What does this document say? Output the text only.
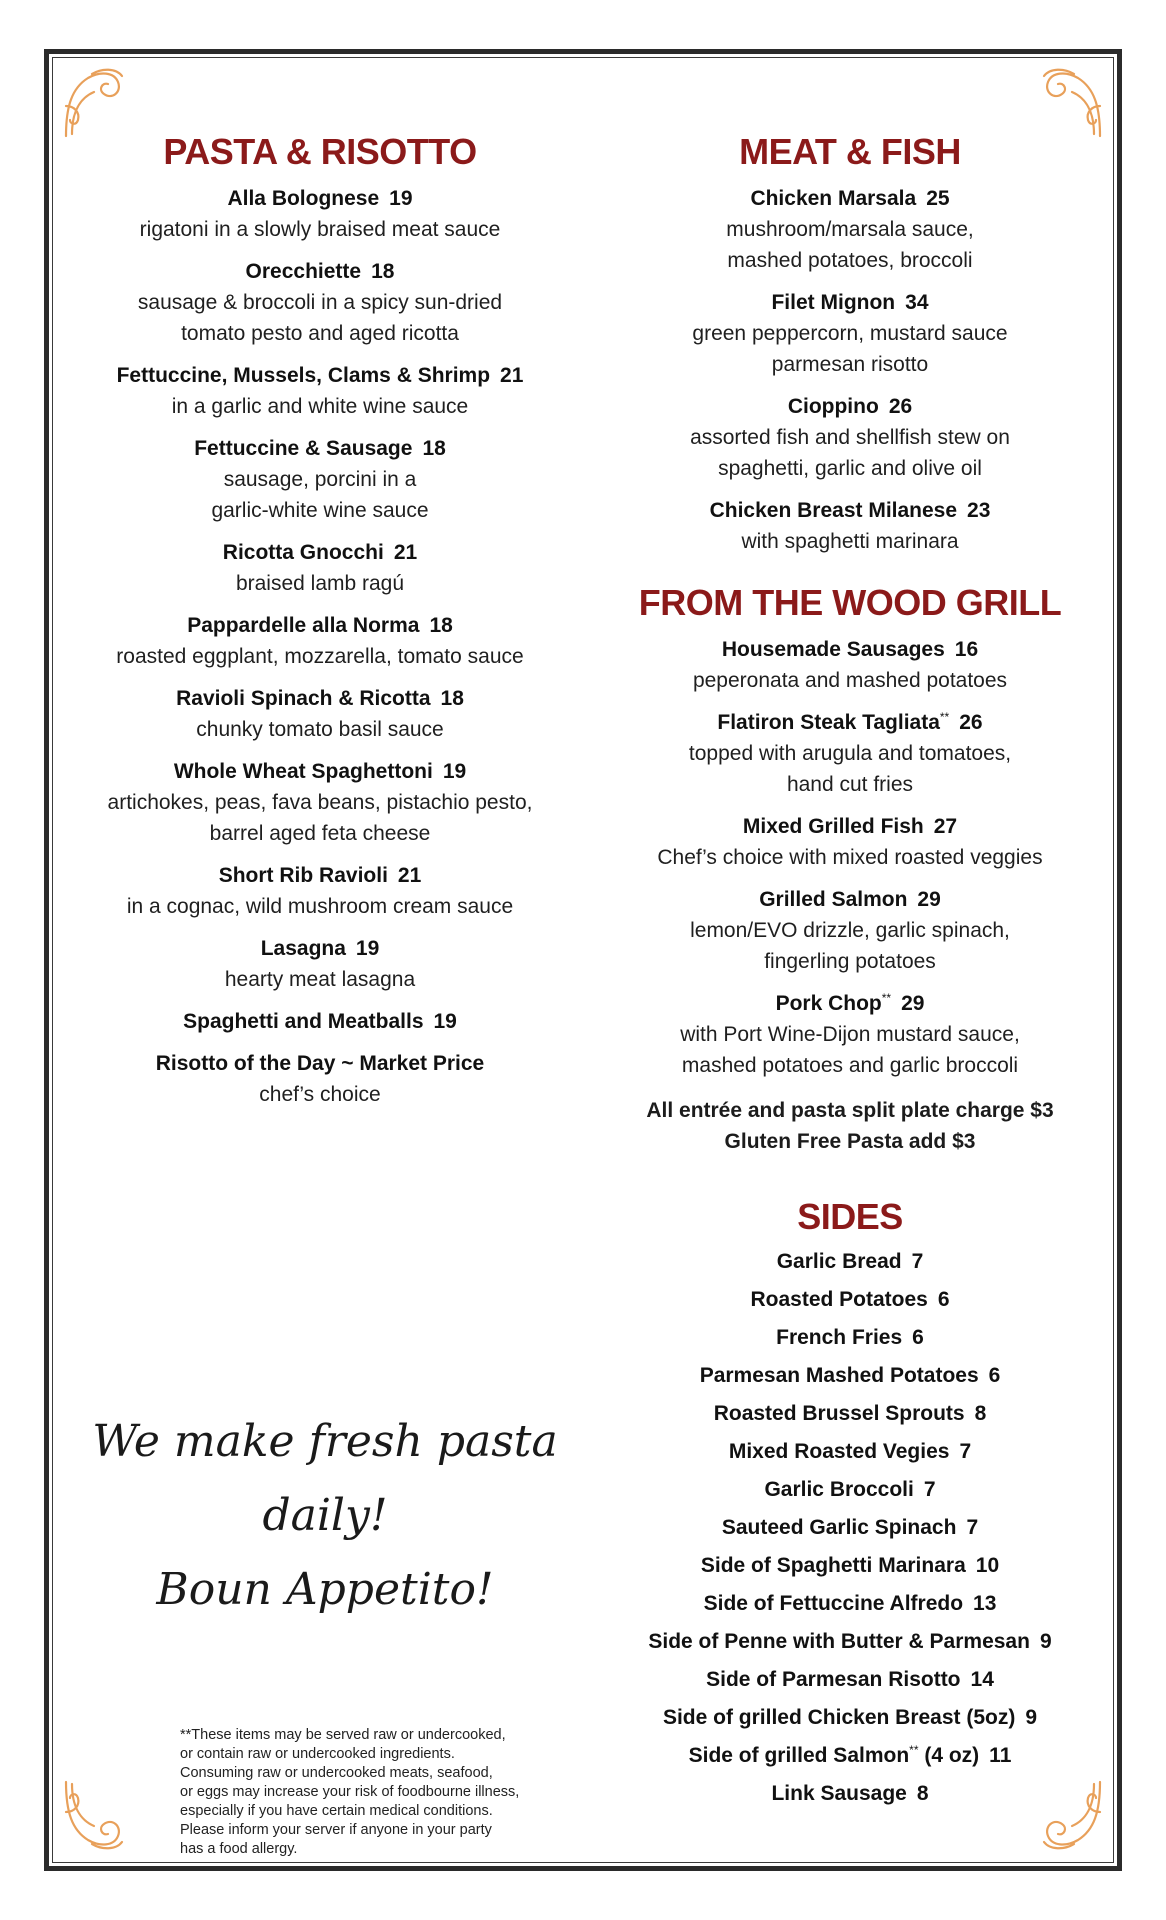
PASTA & RISOTTO
Alla Bolognese 19
rigatoni in a slowly braised meat sauce
Orecchiette 18
sausage & broccoli in a spicy sun-dried
tomato pesto and aged ricotta
Fettuccine, Mussels, Clams & Shrimp 21
in a garlic and white wine sauce
Fettuccine & Sausage 18
sausage, porcini in a
garlic-white wine sauce
Ricotta Gnocchi 21
braised lamb ragú
Pappardelle alla Norma 18
roasted eggplant, mozzarella, tomato sauce
Ravioli Spinach & Ricotta 18
chunky tomato basil sauce
Whole Wheat Spaghettoni 19
artichokes, peas, fava beans, pistachio pesto,
barrel aged feta cheese
Short Rib Ravioli 21
in a cognac, wild mushroom cream sauce
Lasagna 19
hearty meat lasagna
Spaghetti and Meatballs 19
Risotto of the Day ~ Market Price
chef’s choice
MEAT & FISH
Chicken Marsala 25
mushroom/marsala sauce,
mashed potatoes, broccoli
Filet Mignon 34
green peppercorn, mustard sauce
parmesan risotto
Cioppino 26
assorted fish and shellfish stew on
spaghetti, garlic and olive oil
Chicken Breast Milanese 23
with spaghetti marinara
FROM THE WOOD GRILL
Housemade Sausages 16
peperonata and mashed potatoes
Flatiron Steak Tagliata** 26
topped with arugula and tomatoes,
hand cut fries
Mixed Grilled Fish 27
Chef’s choice with mixed roasted veggies
Grilled Salmon 29
lemon/EVO drizzle, garlic spinach,
fingerling potatoes
Pork Chop** 29
with Port Wine-Dijon mustard sauce,
mashed potatoes and garlic broccoli
All entrée and pasta split plate charge $3
Gluten Free Pasta add $3
SIDES
Garlic Bread 7
Roasted Potatoes 6
French Fries 6
Parmesan Mashed Potatoes 6
Roasted Brussel Sprouts 8
Mixed Roasted Vegies 7
Garlic Broccoli 7
Sauteed Garlic Spinach 7
Side of Spaghetti Marinara 10
Side of Fettuccine Alfredo 13
Side of Penne with Butter & Parmesan 9
Side of Parmesan Risotto 14
Side of grilled Chicken Breast (5oz) 9
Side of grilled Salmon** (4 oz) 11
Link Sausage 8
We make fresh pasta daily!
Boun Appetito!
**These items may be served raw or undercooked,
or contain raw or undercooked ingredients.
Consuming raw or undercooked meats, seafood,
or eggs may increase your risk of foodbourne illness,
especially if you have certain medical conditions.
Please inform your server if anyone in your party
has a food allergy.
